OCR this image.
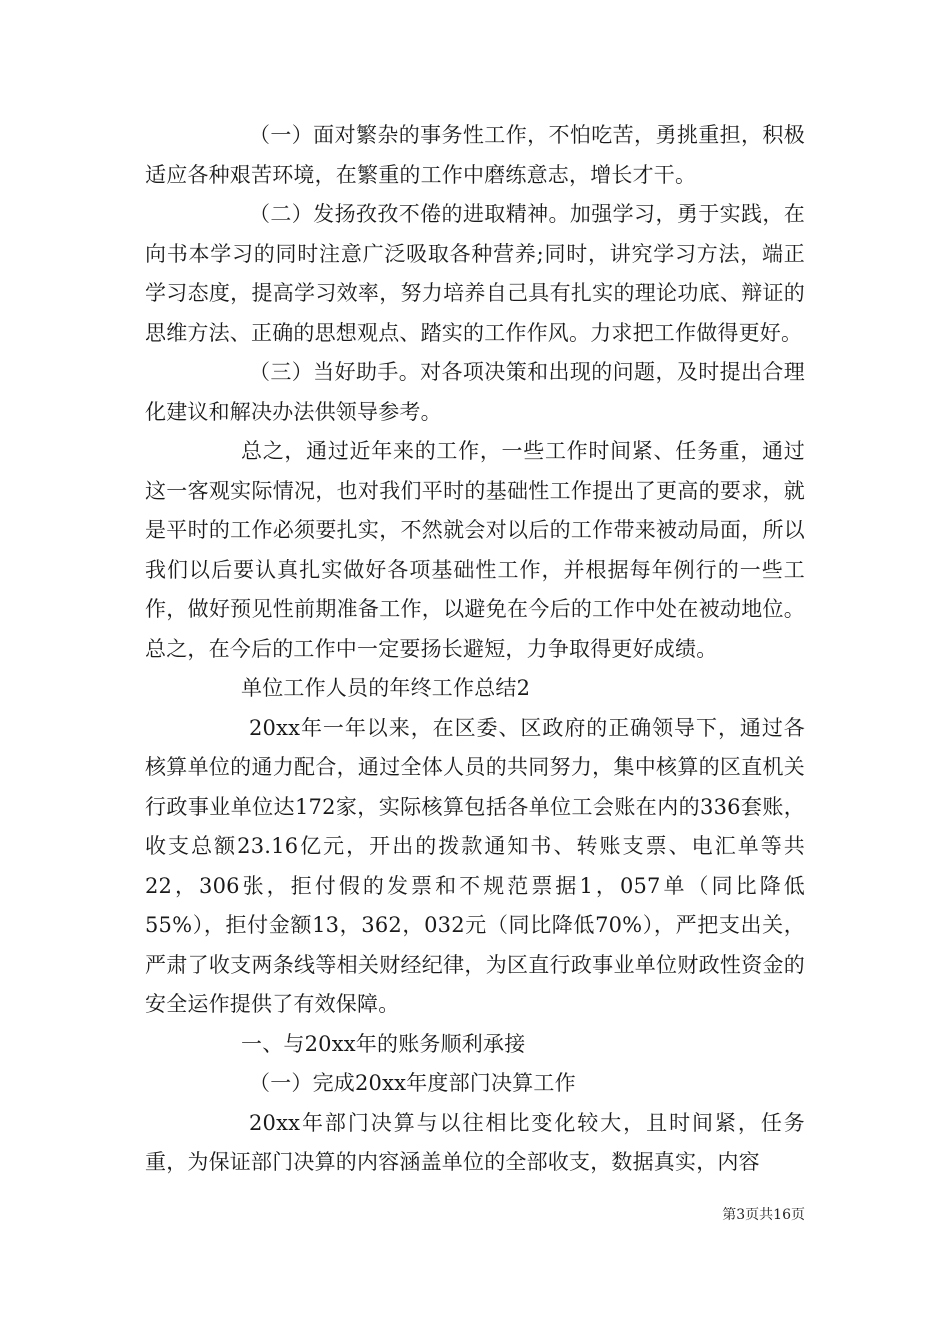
（一）面对繁杂的事务性工作，不怕吃苦，勇挑重担，积极适应各种艰苦环境，在繁重的工作中磨练意志，增长才干。

（二）发扬孜孜不倦的进取精神。加强学习，勇于实践，在向书本学习的同时注意广泛吸取各种营养;同时，讲究学习方法，端正学习态度，提高学习效率，努力培养自己具有扎实的理论功底、辩证的思维方法、正确的思想观点、踏实的工作作风。力求把工作做得更好。

（三）当好助手。对各项决策和出现的问题，及时提出合理化建议和解决办法供领导参考。

总之，通过近年来的工作，一些工作时间紧、任务重，通过这一客观实际情况，也对我们平时的基础性工作提出了更高的要求，就是平时的工作必须要扎实，不然就会对以后的工作带来被动局面，所以我们以后要认真扎实做好各项基础性工作，并根据每年例行的一些工作，做好预见性前期准备工作，以避免在今后的工作中处在被动地位。总之，在今后的工作中一定要扬长避短，力争取得更好成绩。

单位工作人员的年终工作总结2

20xx年一年以来，在区委、区政府的正确领导下，通过各核算单位的通力配合，通过全体人员的共同努力，集中核算的区直机关行政事业单位达172家，实际核算包括各单位工会账在内的336套账，收支总额23.16亿元，开出的拨款通知书、转账支票、电汇单等共22，306张，拒付假的发票和不规范票据1，057单（同比降低55%），拒付金额13，362，032元（同比降低70%），严把支出关，严肃了收支两条线等相关财经纪律，为区直行政事业单位财政性资金的安全运作提供了有效保障。

一、与20xx年的账务顺利承接

（一）完成20xx年度部门决算工作

20xx年部门决算与以往相比变化较大，且时间紧，任务重，为保证部门决算的内容涵盖单位的全部收支，数据真实，内容

第3页共16页
